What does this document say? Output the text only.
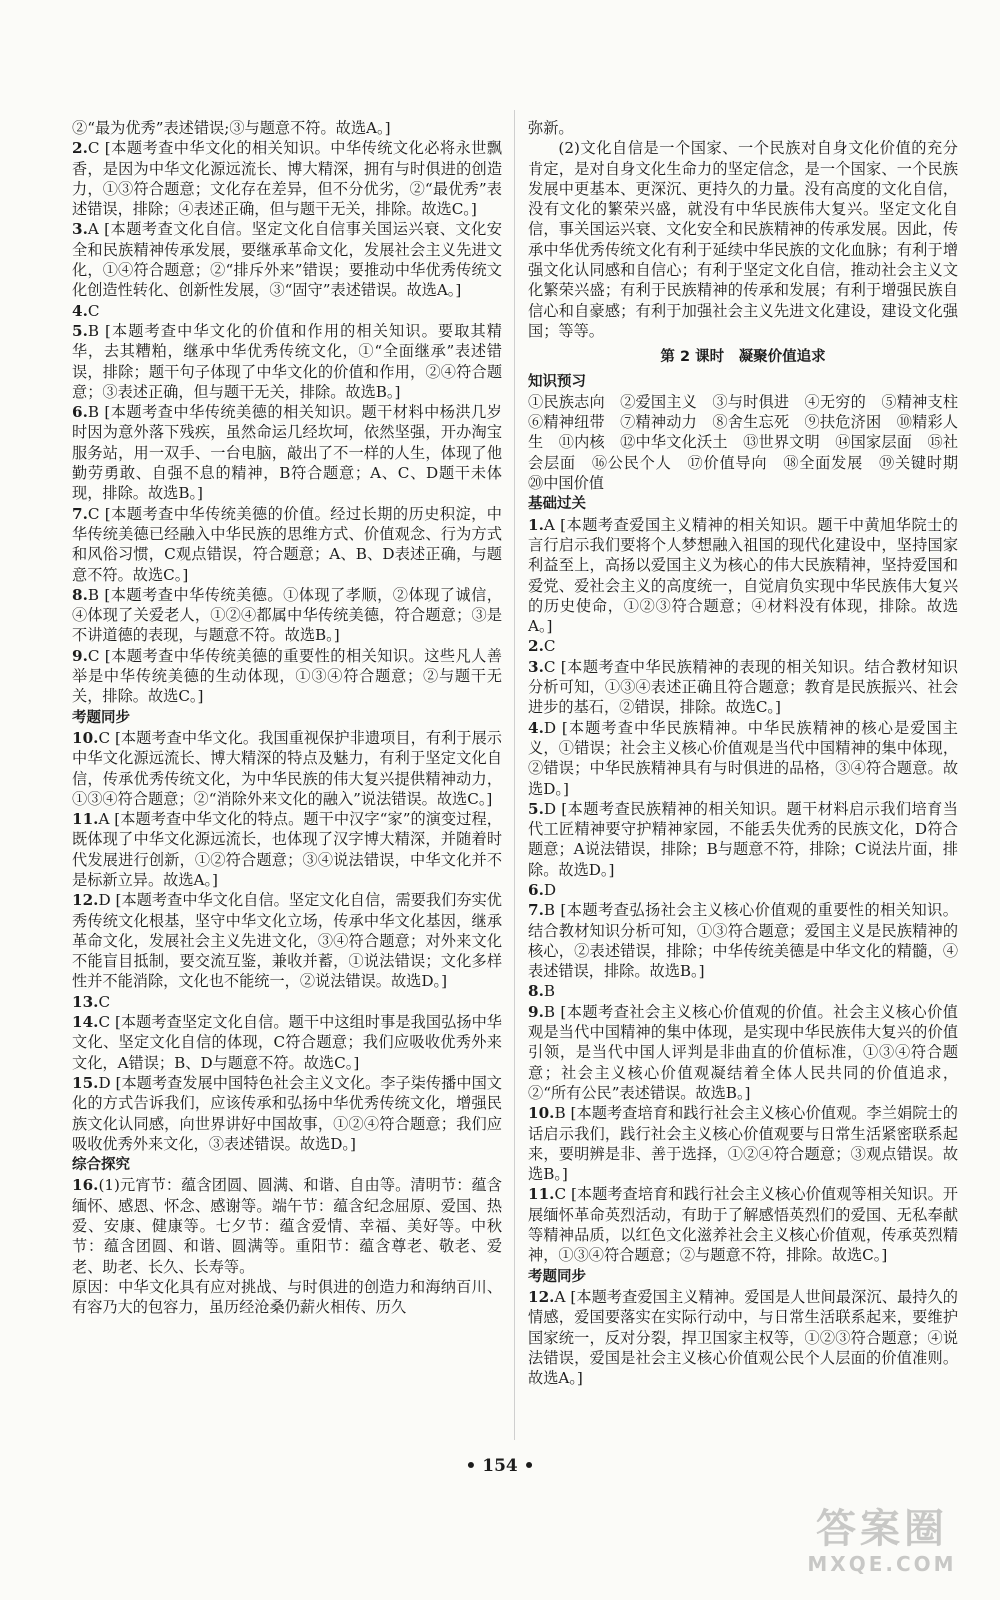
②“最为优秀”表述错误;③与题意不符。故选A。]
2.C [本题考查中华文化的相关知识。中华传统文化必将永世飘香，是因为中华文化源远流长、博大精深，拥有与时俱进的创造力，①③符合题意；文化存在差异，但不分优劣，②“最优秀”表述错误，排除；④表述正确，但与题干无关，排除。故选C。]
3.A [本题考查文化自信。坚定文化自信事关国运兴衰、文化安全和民族精神传承发展，要继承革命文化，发展社会主义先进文化，①④符合题意；②“排斥外来”错误；要推动中华优秀传统文化创造性转化、创新性发展，③“固守”表述错误。故选A。]
4.C
5.B [本题考查中华文化的价值和作用的相关知识。要取其精华，去其糟粕，继承中华优秀传统文化，①“全面继承”表述错误，排除；题干句子体现了中华文化的价值和作用，②④符合题意；③表述正确，但与题干无关，排除。故选B。]
6.B [本题考查中华传统美德的相关知识。题干材料中杨洪几岁时因为意外落下残疾，虽然命运几经坎坷，依然坚强，开办淘宝服务站，用一双手、一台电脑，敲出了不一样的人生，体现了他勤劳勇敢、自强不息的精神，B符合题意；A、C、D题干未体现，排除。故选B。]
7.C [本题考查中华传统美德的价值。经过长期的历史积淀，中华传统美德已经融入中华民族的思维方式、价值观念、行为方式和风俗习惯，C观点错误，符合题意；A、B、D表述正确，与题意不符。故选C。]
8.B [本题考查中华传统美德。①体现了孝顺，②体现了诚信，④体现了关爱老人，①②④都属中华传统美德，符合题意；③是不讲道德的表现，与题意不符。故选B。]
9.C [本题考查中华传统美德的重要性的相关知识。这些凡人善举是中华传统美德的生动体现，①③④符合题意；②与题干无关，排除。故选C。]
考题同步
10.C [本题考查中华文化。我国重视保护非遗项目，有利于展示中华文化源远流长、博大精深的特点及魅力，有利于坚定文化自信，传承优秀传统文化，为中华民族的伟大复兴提供精神动力，①③④符合题意；②“消除外来文化的融入”说法错误。故选C。]
11.A [本题考查中华文化的特点。题干中汉字“家”的演变过程，既体现了中华文化源远流长，也体现了汉字博大精深，并随着时代发展进行创新，①②符合题意；③④说法错误，中华文化并不是标新立异。故选A。]
12.D [本题考查中华文化自信。坚定文化自信，需要我们夯实优秀传统文化根基，坚守中华文化立场，传承中华文化基因，继承革命文化，发展社会主义先进文化，③④符合题意；对外来文化不能盲目抵制，要交流互鉴，兼收并蓄，①说法错误；文化多样性并不能消除，文化也不能统一，②说法错误。故选D。]
13.C
14.C [本题考查坚定文化自信。题干中这组时事是我国弘扬中华文化、坚定文化自信的体现，C符合题意；我们应吸收优秀外来文化，A错误；B、D与题意不符。故选C。]
15.D [本题考查发展中国特色社会主义文化。李子柒传播中国文化的方式告诉我们，应该传承和弘扬中华优秀传统文化，增强民族文化认同感，向世界讲好中国故事，①②④符合题意；我们应吸收优秀外来文化，③表述错误。故选D。]
综合探究
16.(1)元宵节：蕴含团圆、圆满、和谐、自由等。清明节：蕴含缅怀、感恩、怀念、感谢等。端午节：蕴含纪念屈原、爱国、热爱、安康、健康等。七夕节：蕴含爱情、幸福、美好等。中秋节：蕴含团圆、和谐、圆满等。重阳节：蕴含尊老、敬老、爱老、助老、长久、长寿等。
原因：中华文化具有应对挑战、与时俱进的创造力和海纳百川、有容乃大的包容力，虽历经沧桑仍薪火相传、历久
弥新。
(2)文化自信是一个国家、一个民族对自身文化价值的充分肯定，是对自身文化生命力的坚定信念，是一个国家、一个民族发展中更基本、更深沉、更持久的力量。没有高度的文化自信，没有文化的繁荣兴盛，就没有中华民族伟大复兴。坚定文化自信，事关国运兴衰、文化安全和民族精神的传承发展。因此，传承中华优秀传统文化有利于延续中华民族的文化血脉；有利于增强文化认同感和自信心；有利于坚定文化自信，推动社会主义文化繁荣兴盛；有利于民族精神的传承和发展；有利于增强民族自信心和自豪感；有利于加强社会主义先进文化建设，建设文化强国；等等。
第 2 课时　凝聚价值追求
知识预习
①民族志向　②爱国主义　③与时俱进　④无穷的　⑤精神支柱　⑥精神纽带　⑦精神动力　⑧舍生忘死　⑨扶危济困　⑩精彩人生　⑪内核　⑫中华文化沃土　⑬世界文明　⑭国家层面　⑮社会层面　⑯公民个人　⑰价值导向　⑱全面发展　⑲关键时期　⑳中国价值
基础过关
1.A [本题考查爱国主义精神的相关知识。题干中黄旭华院士的言行启示我们要将个人梦想融入祖国的现代化建设中，坚持国家利益至上，高扬以爱国主义为核心的伟大民族精神，坚持爱国和爱党、爱社会主义的高度统一，自觉肩负实现中华民族伟大复兴的历史使命，①②③符合题意；④材料没有体现，排除。故选A。]
2.C
3.C [本题考查中华民族精神的表现的相关知识。结合教材知识分析可知，①③④表述正确且符合题意；教育是民族振兴、社会进步的基石，②错误，排除。故选C。]
4.D [本题考查中华民族精神。中华民族精神的核心是爱国主义，①错误；社会主义核心价值观是当代中国精神的集中体现，②错误；中华民族精神具有与时俱进的品格，③④符合题意。故选D。]
5.D [本题考查民族精神的相关知识。题干材料启示我们培育当代工匠精神要守护精神家园，不能丢失优秀的民族文化，D符合题意；A说法错误，排除；B与题意不符，排除；C说法片面，排除。故选D。]
6.D
7.B [本题考查弘扬社会主义核心价值观的重要性的相关知识。结合教材知识分析可知，①③符合题意；爱国主义是民族精神的核心，②表述错误，排除；中华传统美德是中华文化的精髓，④表述错误，排除。故选B。]
8.B
9.B [本题考查社会主义核心价值观的价值。社会主义核心价值观是当代中国精神的集中体现，是实现中华民族伟大复兴的价值引领，是当代中国人评判是非曲直的价值标准，①③④符合题意；社会主义核心价值观凝结着全体人民共同的价值追求，②“所有公民”表述错误。故选B。]
10.B [本题考查培育和践行社会主义核心价值观。李兰娟院士的话启示我们，践行社会主义核心价值观要与日常生活紧密联系起来，要明辨是非、善于选择，①②④符合题意；③观点错误。故选B。]
11.C [本题考查培育和践行社会主义核心价值观等相关知识。开展缅怀革命英烈活动，有助于了解感悟英烈们的爱国、无私奉献等精神品质，以红色文化滋养社会主义核心价值观，传承英烈精神，①③④符合题意；②与题意不符，排除。故选C。]
考题同步
12.A [本题考查爱国主义精神。爱国是人世间最深沉、最持久的情感，爱国要落实在实际行动中，与日常生活联系起来，要维护国家统一，反对分裂，捍卫国家主权等，①②③符合题意；④说法错误，爱国是社会主义核心价值观公民个人层面的价值准则。故选A。]
• 154 •
答案圈
MXQE.COM
